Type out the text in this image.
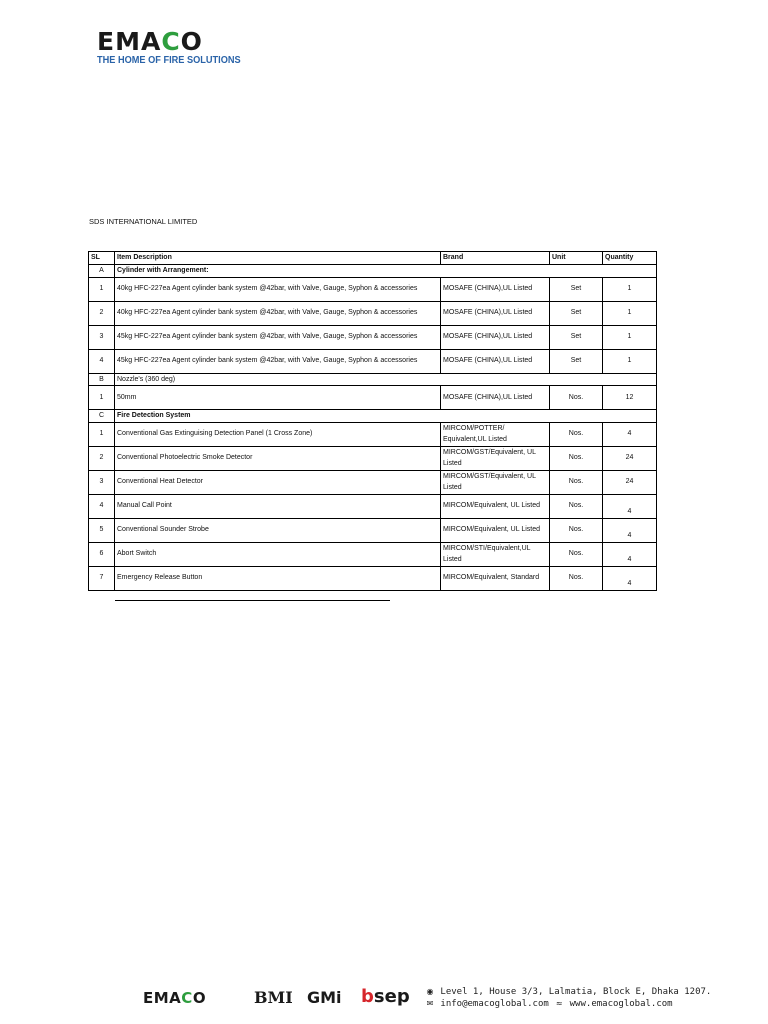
EMACO
THE HOME OF FIRE SOLUTIONS
SDS INTERNATIONAL LIMITED
SL	Item Description	Brand	Unit	Quantity
A	Cylinder with Arrangement:			
1	40kg HFC-227ea Agent cylinder bank system @42bar, with Valve, Gauge, Syphon & accessories	MOSAFE (CHINA),UL Listed	Set	1
2	40kg HFC-227ea Agent cylinder bank system @42bar, with Valve, Gauge, Syphon & accessories	MOSAFE (CHINA),UL Listed	Set	1
3	45kg HFC-227ea Agent cylinder bank system @42bar, with Valve, Gauge, Syphon & accessories	MOSAFE (CHINA),UL Listed	Set	1
4	45kg HFC-227ea Agent cylinder bank system @42bar, with Valve, Gauge, Syphon & accessories	MOSAFE (CHINA),UL Listed	Set	1
B	Nozzle's (360 deg)			
1	50mm	MOSAFE (CHINA),UL Listed	Nos.	12
C	Fire Detection System			
1	Conventional Gas Extinguising Detection Panel (1 Cross Zone)	MIRCOM/POTTER/ Equivalent,UL Listed	Nos.	4
2	Conventional Photoelectric Smoke Detector	MIRCOM/GST/Equivalent, UL Listed	Nos.	24
3	Conventional Heat Detector	MIRCOM/GST/Equivalent, UL Listed	Nos.	24
4	Manual Call Point	MIRCOM/Equivalent, UL Listed	Nos.	4
5	Conventional Sounder Strobe	MIRCOM/Equivalent, UL Listed	Nos.	4
6	Abort Switch	MIRCOM/STI/Equivalent,UL Listed	Nos.	4
7	Emergency Release Button	MIRCOM/Equivalent, Standard	Nos.	4
EMACO	BMI GMi bsep ◉ Level 1, House 3/3, Lalmatia, Block E, Dhaka 1207.
✉ info@emacoglobal.com ≈ www.emacoglobal.com
